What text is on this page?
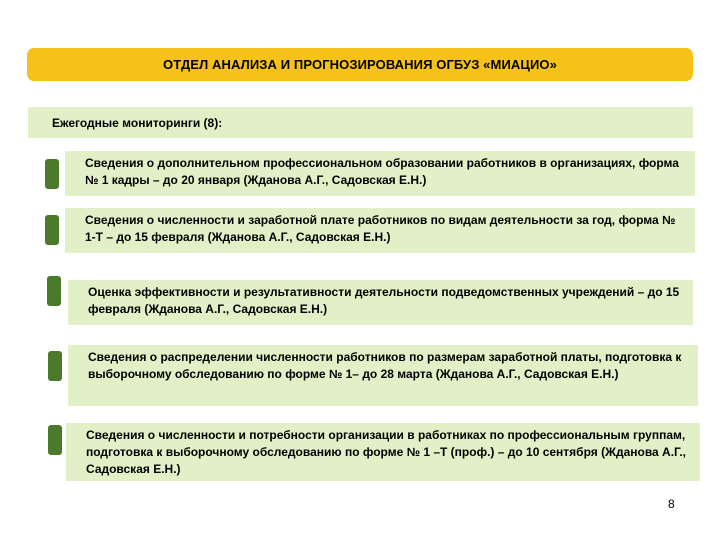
ОТДЕЛ АНАЛИЗА И ПРОГНОЗИРОВАНИЯ ОГБУЗ «МИАЦИО»
Ежегодные мониторинги (8):
Сведения о дополнительном профессиональном образовании работников в организациях, форма № 1 кадры – до 20 января (Жданова А.Г., Садовская Е.Н.)
Сведения о численности и заработной плате работников по видам деятельности за год, форма № 1-Т – до 15 февраля (Жданова А.Г., Садовская Е.Н.)
Оценка эффективности и результативности деятельности подведомственных учреждений – до 15 февраля (Жданова А.Г., Садовская Е.Н.)
Сведения о распределении численности работников по размерам заработной платы, подготовка к выборочному обследованию по форме № 1– до 28 марта (Жданова А.Г., Садовская Е.Н.)
Сведения о численности и потребности организации в работниках по профессиональным группам, подготовка к выборочному обследованию по форме № 1 –Т (проф.) – до 10 сентября (Жданова А.Г., Садовская Е.Н.)
8
